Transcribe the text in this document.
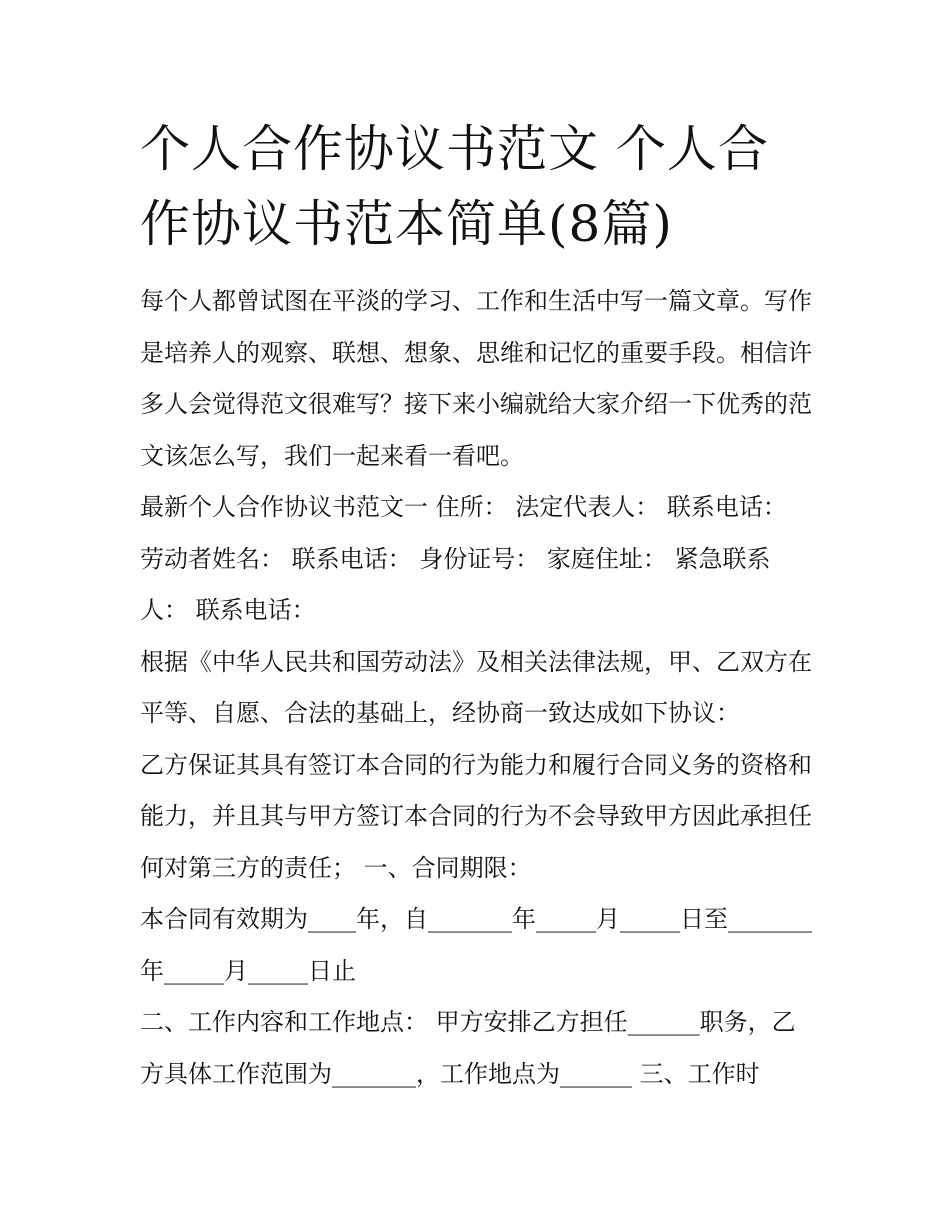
个人合作协议书范文 个人合作协议书范本简单(8篇)

每个人都曾试图在平淡的学习、工作和生活中写一篇文章。写作是培养人的观察、联想、想象、思维和记忆的重要手段。相信许多人会觉得范文很难写？接下来小编就给大家介绍一下优秀的范文该怎么写，我们一起来看一看吧。

最新个人合作协议书范文一 住所： 法定代表人： 联系电话： 劳动者姓名： 联系电话： 身份证号： 家庭住址： 紧急联系人： 联系电话：

根据《中华人民共和国劳动法》及相关法律法规，甲、乙双方在平等、自愿、合法的基础上，经协商一致达成如下协议：

乙方保证其具有签订本合同的行为能力和履行合同义务的资格和能力，并且其与甲方签订本合同的行为不会导致甲方因此承担任何对第三方的责任； 一、合同期限：

本合同有效期为____年，自_______年_____月_____日至_______年_____月_____日止

二、工作内容和工作地点： 甲方安排乙方担任______职务，乙方具体工作范围为_______，工作地点为______ 三、工作时
